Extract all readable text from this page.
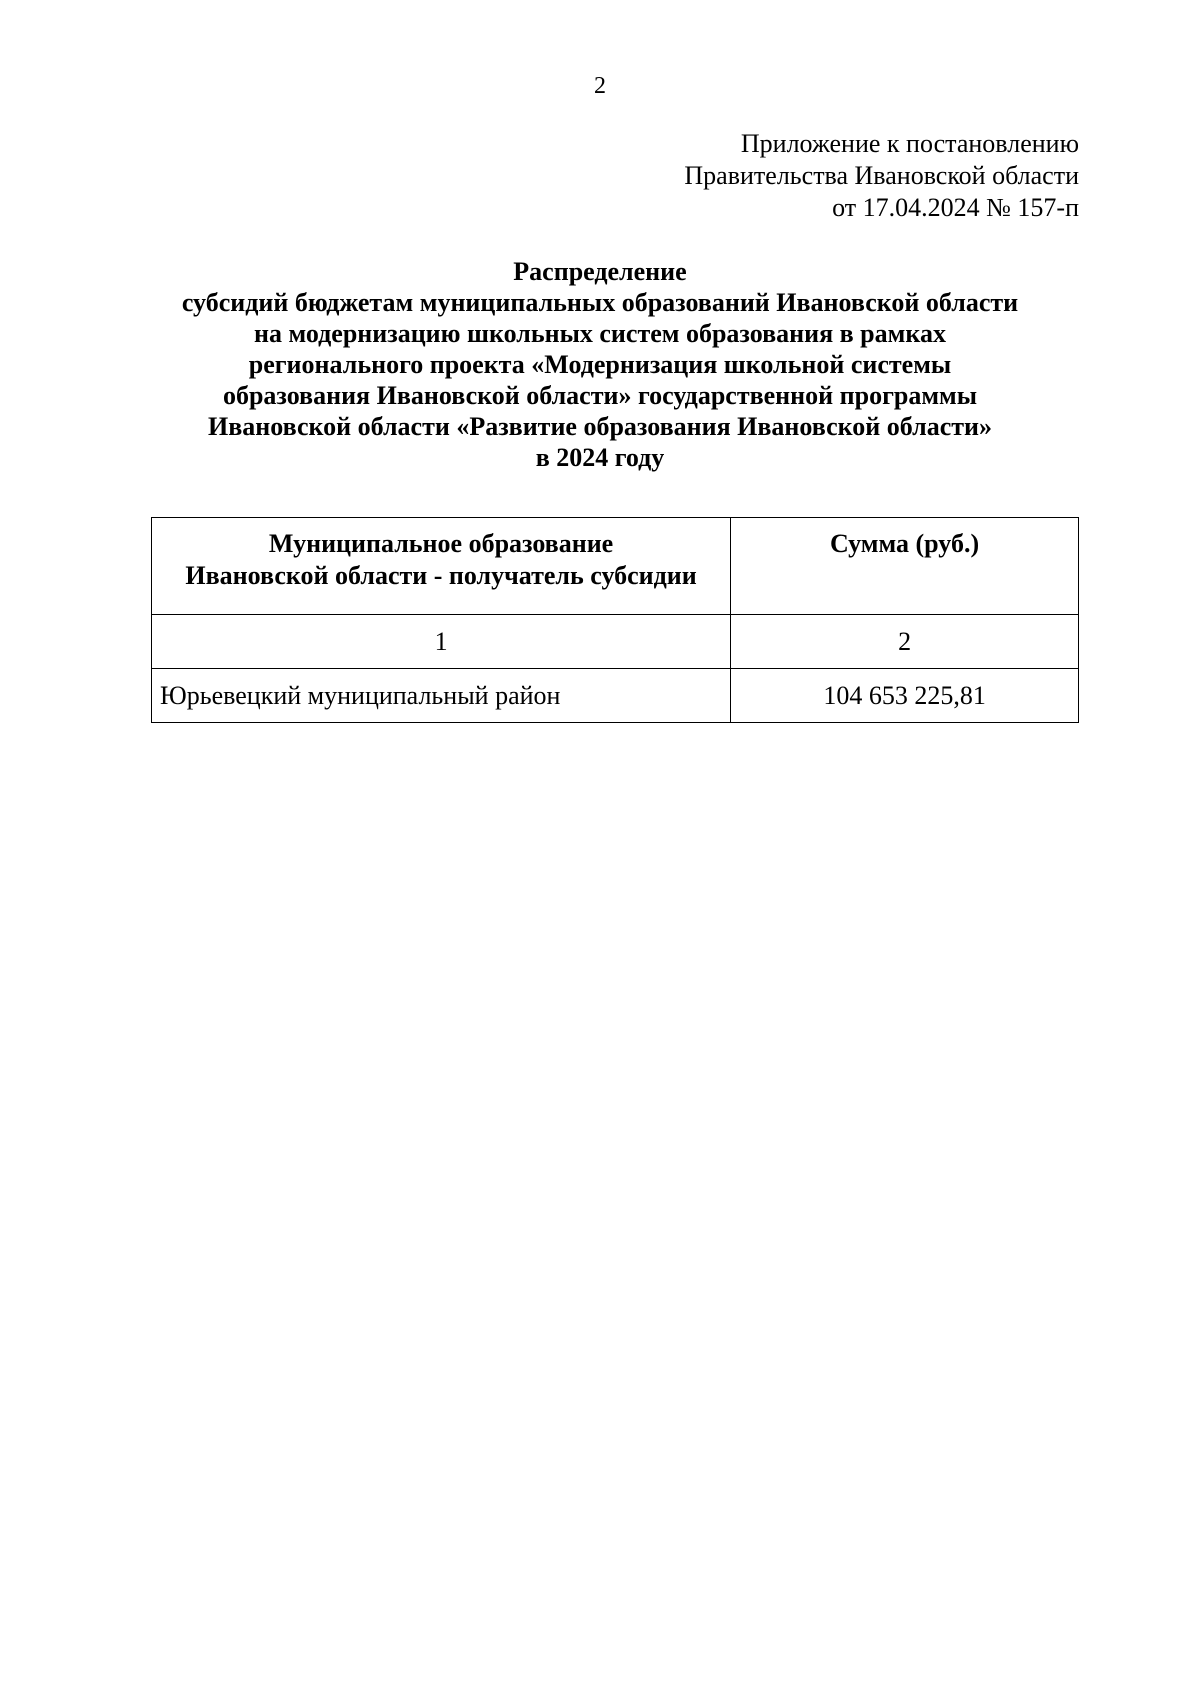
2
Приложение к постановлению
Правительства Ивановской области
от 17.04.2024 № 157-п
Распределение
субсидий бюджетам муниципальных образований Ивановской области
на модернизацию школьных систем образования в рамках
регионального проекта «Модернизация школьной системы
образования Ивановской области» государственной программы
Ивановской области «Развитие образования Ивановской области»
в 2024 году
Муниципальное образование
Ивановской области - получатель субсидии	Сумма (руб.)
1	2
Юрьевецкий муниципальный район	104 653 225,81
